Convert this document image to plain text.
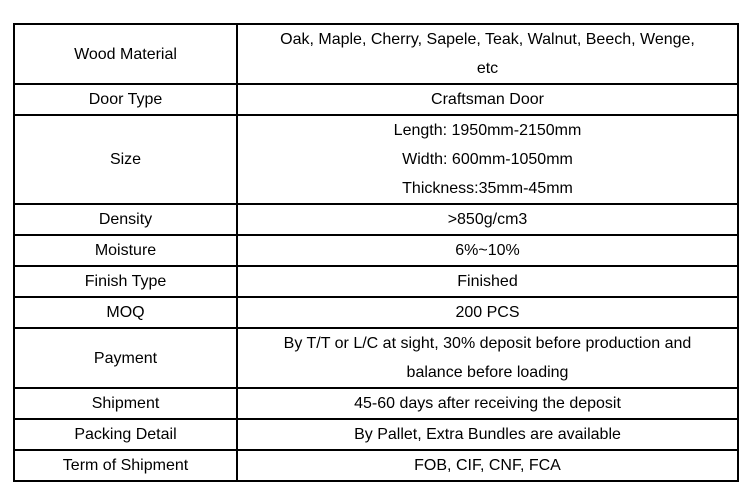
Wood Material	Oak, Maple, Cherry, Sapele, Teak, Walnut, Beech, Wenge,
etc

Door Type	Craftsman Door
Size	Length: 1950mm-2150mm
Width: 600mm-1050mm
Thickness:35mm-45mm

Density	>850g/cm3
Moisture	6%~10%
Finish Type	Finished
MOQ	200 PCS
Payment	By T/T or L/C at sight, 30% deposit before production and
balance before loading

Shipment	45-60 days after receiving the deposit
Packing Detail	By Pallet, Extra Bundles are available
Term of Shipment	FOB, CIF, CNF, FCA
